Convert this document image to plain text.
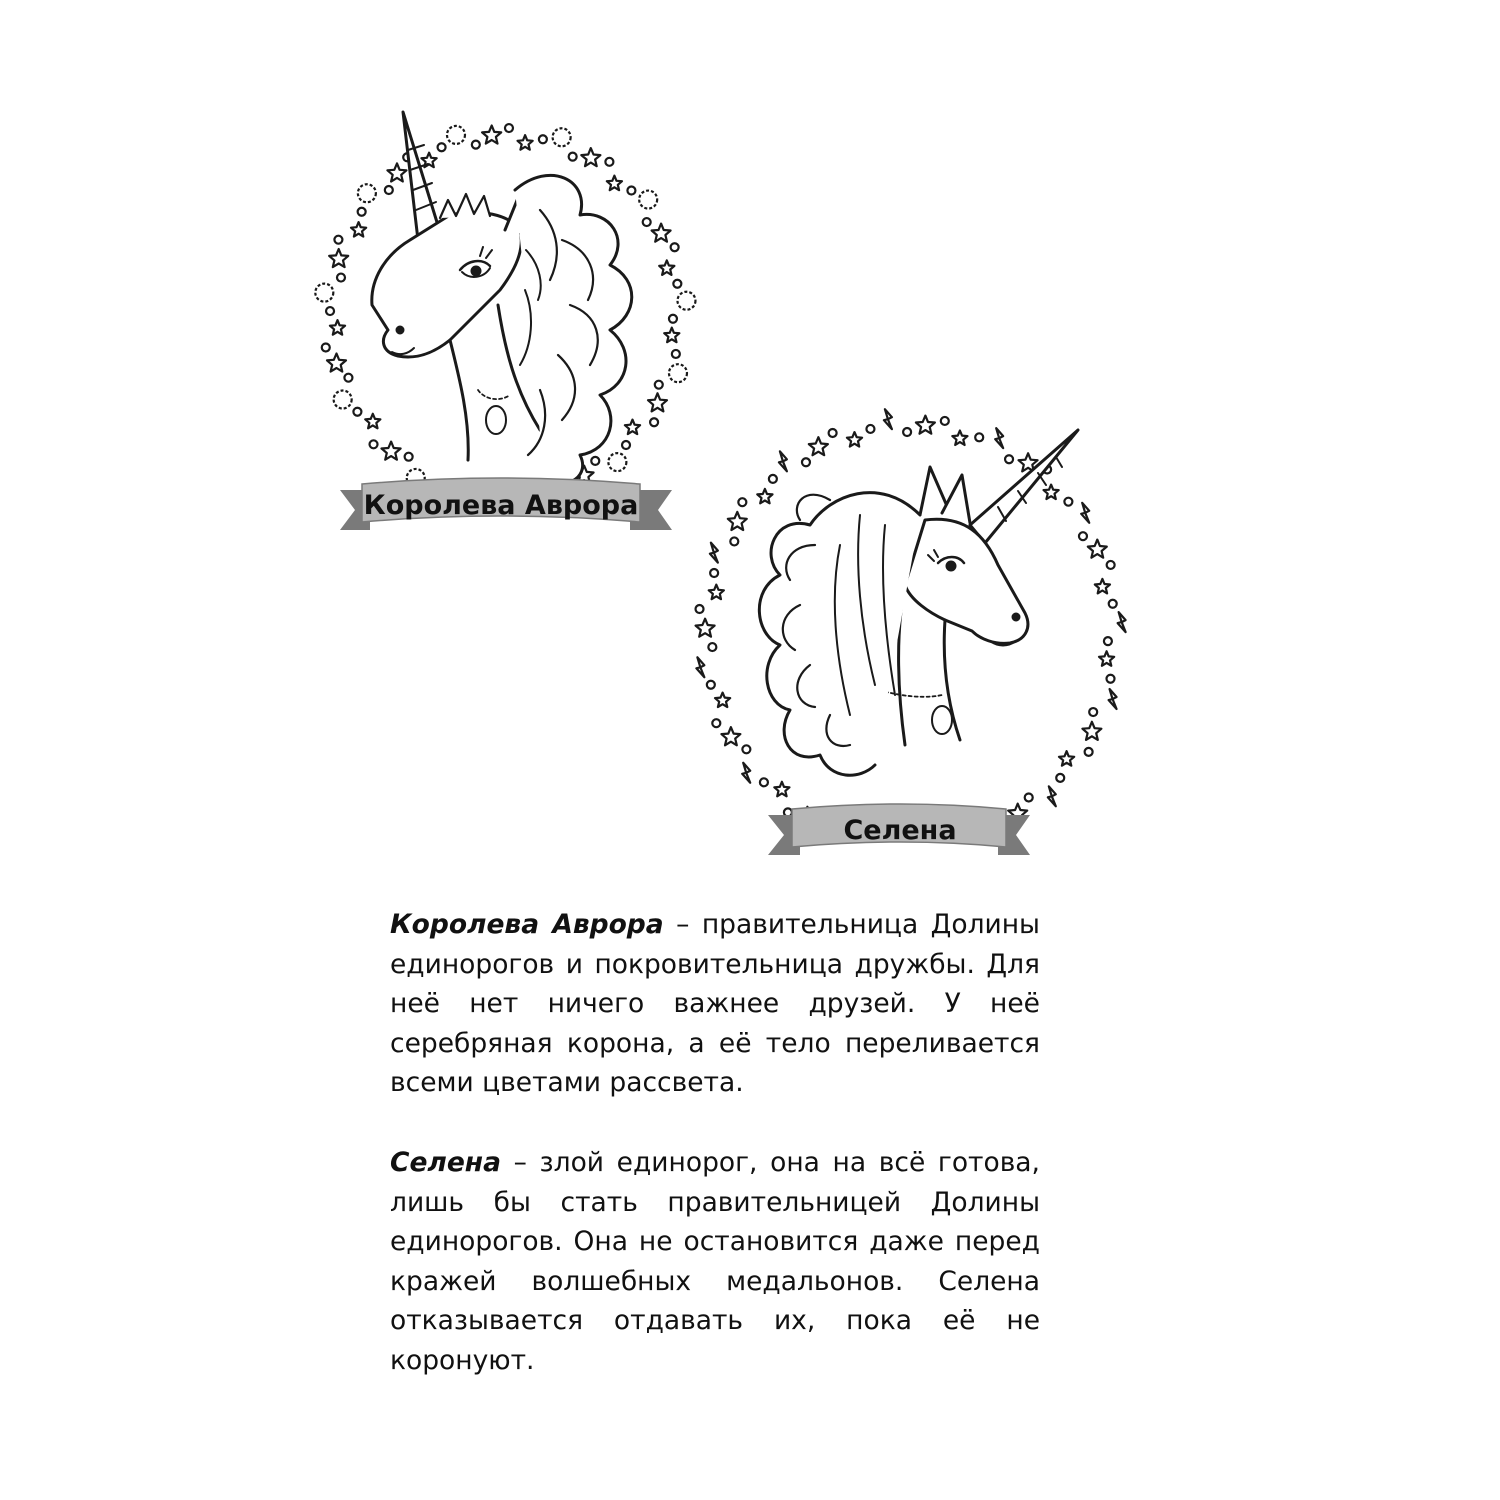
Королева Аврора
Селена

Королева Аврора – правительница Долины единорогов и покровительница дружбы. Для неё нет ничего важнее друзей. У неё серебряная корона, а её тело переливается всеми цветами рассвета.

Селена – злой единорог, она на всё готова, лишь бы стать правительницей Долины единорогов. Она не остановится даже перед кражей волшебных медальонов. Селена отказывается отдавать их, пока её не коронуют.
